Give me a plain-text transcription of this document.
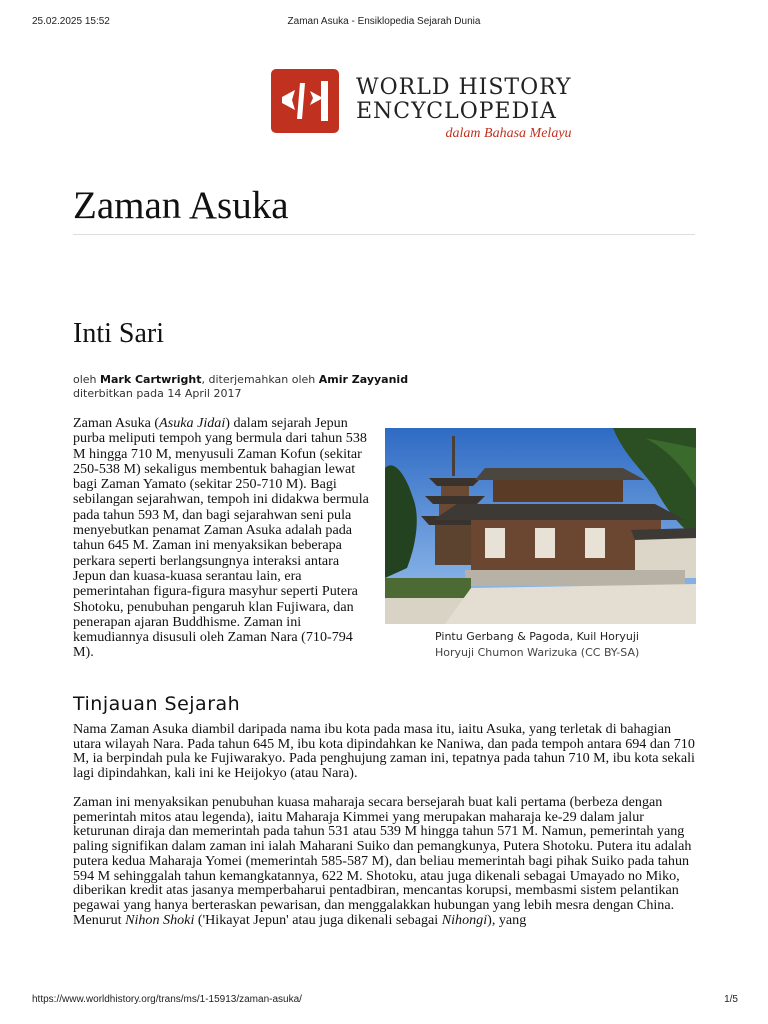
25.02.2025 15:52	Zaman Asuka - Ensiklopedia Sejarah Dunia
WORLD HISTORY
ENCYCLOPEDIA
dalam Bahasa Melayu
Zaman Asuka
Inti Sari
oleh Mark Cartwright, diterjemahkan oleh Amir Zayyanid
diterbitkan pada 14 April 2017
Zaman Asuka (Asuka Jidai) dalam sejarah Jepun purba meliputi tempoh yang bermula dari tahun 538 M hingga 710 M, menyusuli Zaman Kofun (sekitar 250-538 M) sekaligus membentuk bahagian lewat bagi Zaman Yamato (sekitar 250-710 M). Bagi sebilangan sejarahwan, tempoh ini didakwa bermula pada tahun 593 M, dan bagi sejarahwan seni pula menyebutkan penamat Zaman Asuka adalah pada tahun 645 M. Zaman ini menyaksikan beberapa perkara seperti berlangsungnya interaksi antara Jepun dan kuasa-kuasa serantau lain, era pemerintahan figura-figura masyhur seperti Putera Shotoku, penubuhan pengaruh klan Fujiwara, dan penerapan ajaran Buddhisme. Zaman ini kemudiannya disusuli oleh Zaman Nara (710-794 M).
Pintu Gerbang & Pagoda, Kuil Horyuji
Horyuji Chumon Warizuka (CC BY-SA)
Tinjauan Sejarah

Nama Zaman Asuka diambil daripada nama ibu kota pada masa itu, iaitu Asuka, yang terletak di bahagian utara wilayah Nara. Pada tahun 645 M, ibu kota dipindahkan ke Naniwa, dan pada tempoh antara 694 dan 710 M, ia berpindah pula ke Fujiwarakyo. Pada penghujung zaman ini, tepatnya pada tahun 710 M, ibu kota sekali lagi dipindahkan, kali ini ke Heijokyo (atau Nara).

Zaman ini menyaksikan penubuhan kuasa maharaja secara bersejarah buat kali pertama (berbeza dengan pemerintah mitos atau legenda), iaitu Maharaja Kimmei yang merupakan maharaja ke-29 dalam jalur keturunan diraja dan memerintah pada tahun 531 atau 539 M hingga tahun 571 M. Namun, pemerintah yang paling signifikan dalam zaman ini ialah Maharani Suiko dan pemangkunya, Putera Shotoku. Putera itu adalah putera kedua Maharaja Yomei (memerintah 585-587 M), dan beliau memerintah bagi pihak Suiko pada tahun 594 M sehinggalah tahun kemangkatannya, 622 M. Shotoku, atau juga dikenali sebagai Umayado no Miko, diberikan kredit atas jasanya memperbaharui pentadbiran, mencantas korupsi, membasmi sistem pelantikan pegawai yang hanya berteraskan pewarisan, dan menggalakkan hubungan yang lebih mesra dengan China. Menurut Nihon Shoki ('Hikayat Jepun' atau juga dikenali sebagai Nihongi), yang

https://www.worldhistory.org/trans/ms/1-15913/zaman-asuka/	1/5
